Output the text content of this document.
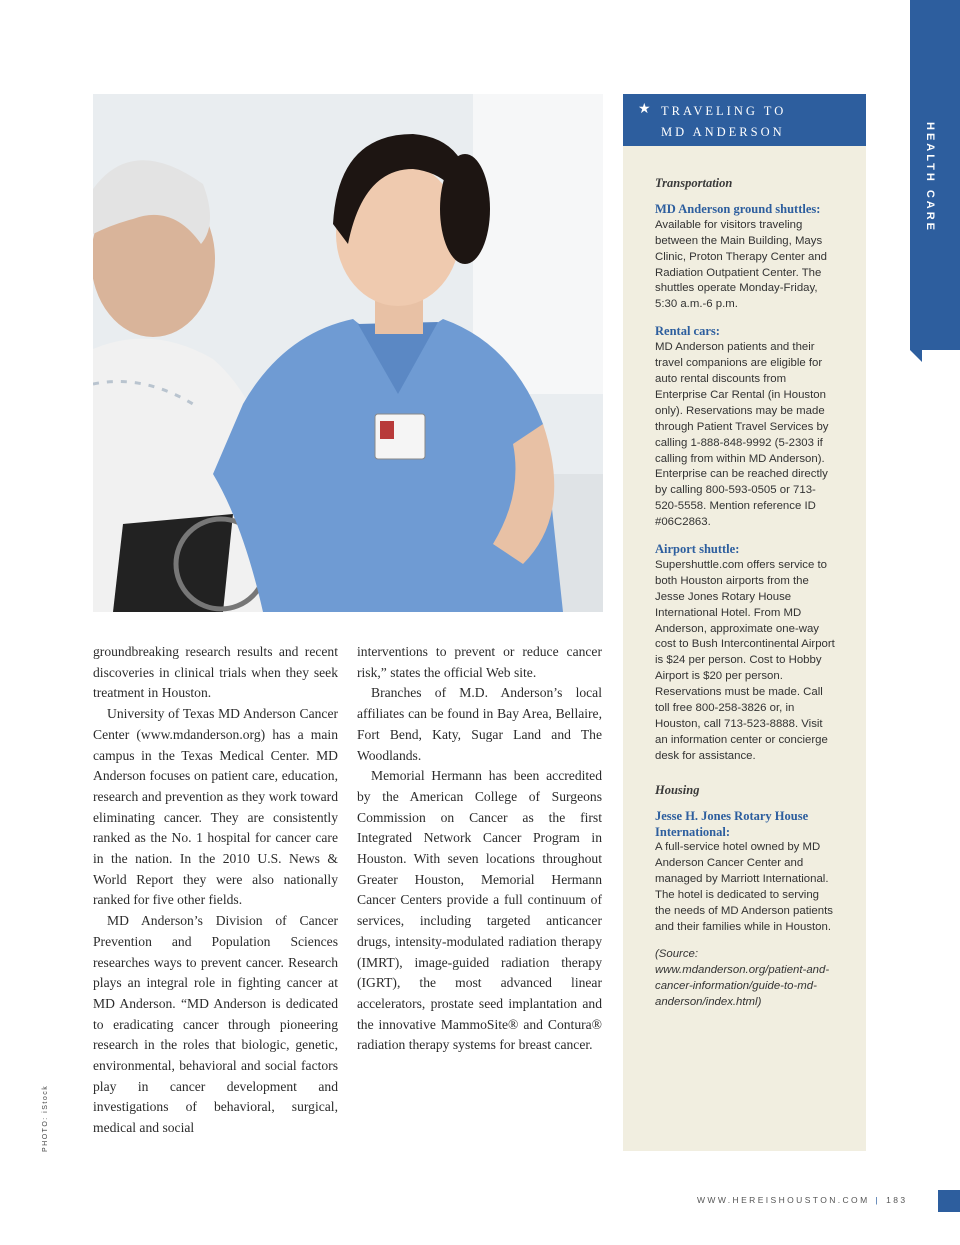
HEALTH CARE
PHOTO: iStock

groundbreaking research results and recent discoveries in clinical trials when they seek treatment in Houston.

University of Texas MD Anderson Cancer Center (www.mdanderson.org) has a main campus in the Texas Medical Center. MD Anderson focuses on patient care, education, research and prevention as they work toward eliminating cancer. They are consistently ranked as the No. 1 hospital for cancer care in the nation. In the 2010 U.S. News & World Report they were also nationally ranked for five other fields.

MD Anderson’s Division of Cancer Prevention and Population Sciences researches ways to prevent cancer. Research plays an integral role in fighting cancer at MD Anderson. “MD Anderson is dedicated to eradicating cancer through pioneering research in the roles that biologic, genetic, environmental, behavioral and social factors play in cancer development and investigations of behavioral, surgical, medical and social

interventions to prevent or reduce cancer risk,” states the official Web site.

Branches of M.D. Anderson’s local affiliates can be found in Bay Area, Bellaire, Fort Bend, Katy, Sugar Land and The Woodlands.

Memorial Hermann has been accredited by the American College of Surgeons Commission on Cancer as the first Integrated Network Cancer Program in Houston. With seven locations throughout Greater Houston, Memorial Hermann Cancer Centers provide a full continuum of services, including targeted anticancer drugs, intensity-modulated radiation therapy (IMRT), image-guided radiation therapy (IGRT), the most advanced linear accelerators, prostate seed implantation and the innovative MammoSite® and Contura® radiation therapy systems for breast cancer.

★ TRAVELING TO
MD ANDERSON

Transportation

MD Anderson ground shuttles:

Available for visitors traveling between the Main Building, Mays Clinic, Proton Therapy Center and Radiation Outpatient Center. The shuttles operate Monday-Friday, 5:30 a.m.-6 p.m.

Rental cars:

MD Anderson patients and their travel companions are eligible for auto rental discounts from Enterprise Car Rental (in Houston only). Reservations may be made through Patient Travel Services by calling 1-888-848-9992 (5-2303 if calling from within MD Anderson). Enterprise can be reached directly by calling 800-593-0505 or 713-520-5558. Mention reference ID #06C2863.

Airport shuttle:

Supershuttle.com offers service to both Houston airports from the Jesse Jones Rotary House International Hotel. From MD Anderson, approximate one-way cost to Bush Intercontinental Airport is $24 per person. Cost to Hobby Airport is $20 per person. Reservations must be made. Call toll free 800-258-3826 or, in Houston, call 713-523-8888. Visit an information center or concierge desk for assistance.

Housing

Jesse H. Jones Rotary House International:

A full-service hotel owned by MD Anderson Cancer Center and managed by Marriott International. The hotel is dedicated to serving the needs of MD Anderson patients and their families while in Houston.

(Source: www.mdanderson.org/patient-and-cancer-information/guide-to-md-anderson/index.html)

WWW.HEREISHOUSTON.COM | 183
